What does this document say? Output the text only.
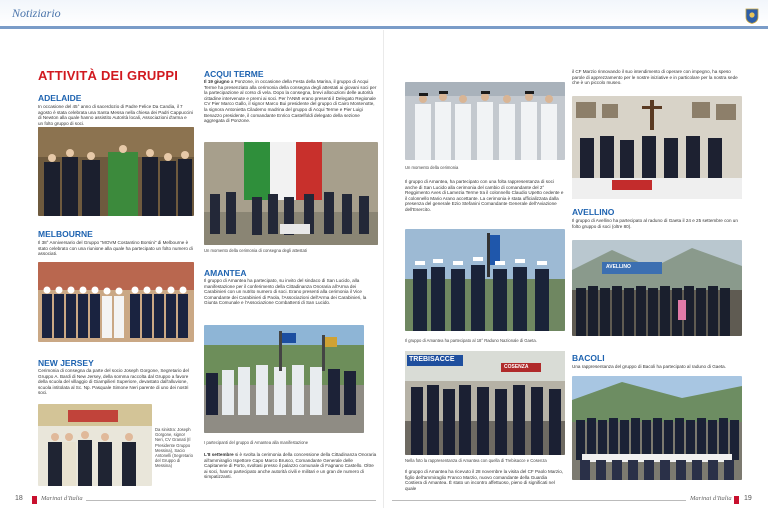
Notiziario
ATTIVITÀ DEI GRUPPI
ADELAIDE
In occasione del 45° anno di sacerdozio di Padre Felice Da Candia, il 7 agosto è stata celebrata una Santa Messa nella chiesa dei Padri Cappuccini di Newton alla quale hanno assistito Autorità locali, Associazioni d'arma e un folto gruppo di soci.
MELBOURNE
Il 38° Anniversario del Gruppo "MOVM Costantino Borsini" di Melbourne è stato celebrato con una riunione alla quale ha partecipato un folto numero di associati.
NEW JERSEY
Cerimonia di consegna da parte del socio Joseph Gorgone, Segretario del Gruppo A. Bardi di New Jersey, della somma raccolta dal Gruppo a favore della scuola del villaggio di Giampilieri Superiore, devastato dall'alluvione, scuola intitolata al Sc. Np. Pasquale Simone Neri parente di uno dei nostri soci.
Da sinistra: Joseph Gorgone, signor Neri, CV Granati (Il Presidente Gruppo Messina), Sacio Antonelli (Segretario del Gruppo di Messina)
ACQUI TERME
Il 19 giugno a Ponzone, in occasione della Festa della Marina, il gruppo di Acqui Terme ha presenziato alla cerimonia della consegna degli attestati ai giovani soci per la partecipazione al corso di vela. Dopo la consegna, brevi allocuzioni delle autorità cittadine intervenute e premi ai soci. Per l'ANMI erano presenti il Delegato Regionale CV Pier Marco Gallo, il signor Marco Bui presidente del gruppo di Cairo Montenotte, la signora Antonietta Cilademo madrina del gruppo di Acqui Terme e Pier Luigi Benazzo presidente, il comandante Enrico Castelfoldi delegato della sezione aggregata di Ponzone.
Un momento della cerimonia di consegna degli attestati
AMANTEA
Il gruppo di Amantea ha partecipato, su invito del sindaco di San Lucido, alla manifestazione per il conferimento della Cittadinanza Onoraria all'Arma dei Carabinieri con un nutrito numero di soci. Erano presenti alla cerimonia il Vice Comandante dei Carabinieri di Paola, l'Associazioni dell'Arma dei Carabinieri, la Giunta Comunale e l'Associazione Combattenti di San Lucido.
I partecipanti del gruppo di Amantea alla manifestazione
L'8 settembre si è svolta la cerimonia della concessione della Cittadinanza Onoraria all'ammiraglio Ispettore Capo Marco Brusco, Comandante Generale delle Capitanerie di Porto, svoltasi presso il palazzo comunale di Fagnano Castello. Oltre ai soci, hanno partecipato anche autorità civili e militari e un gran de numero di simpatizzanti.
il CF Marzio rinnovando il suo intendimento di operare con impegno, ha speso parole di apprezzamento per le nostre iniziative e in particolare per la nostra sede che è un piccolo museo.
Un momento della cerimonia
Il gruppo di Amantea, ha partecipato con una folta rappresentanza di soci anche di San Lucido alla cerimonia del cambio di comandante del 2° Reggimento Aves di Lamezia Terme tra il colonnello Claudio Upetto cedente e il colonnello Mario Arano accettante. La cerimonia è stata ufficializzata dalla presenza del generale Ezio Stefanini Comandante Generale dell'Aviazione dell'Esercito.	AVELLINO
Il gruppo di Avellino ha partecipato al raduno di Gaeta il 24 e 25 settembre con un folto gruppo di soci (oltre 80).
Il gruppo di Amantea ha partecipato al 18° Raduno Nazionale di Gaeta.
AVELLINO
BACOLI
Una rappresentanza del gruppo di Bacoli ha partecipato al raduno di Gaeta.
TREBISACCE
COSENZA
Nella foto la rappresentanza di Amantea con quella di Trebisacce e Cosenza
Il gruppo di Amantea ha ricevuto il 28 novembre la visita del CF Paolo Marzio, figlio dell'ammiraglio Franco Marzio, nuovo comandante della Guardia Costiera di Amantea. È stato un incontro affettuoso, pieno di significati nel quale
18	Marinai d'Italia	Marinai d'Italia 19
